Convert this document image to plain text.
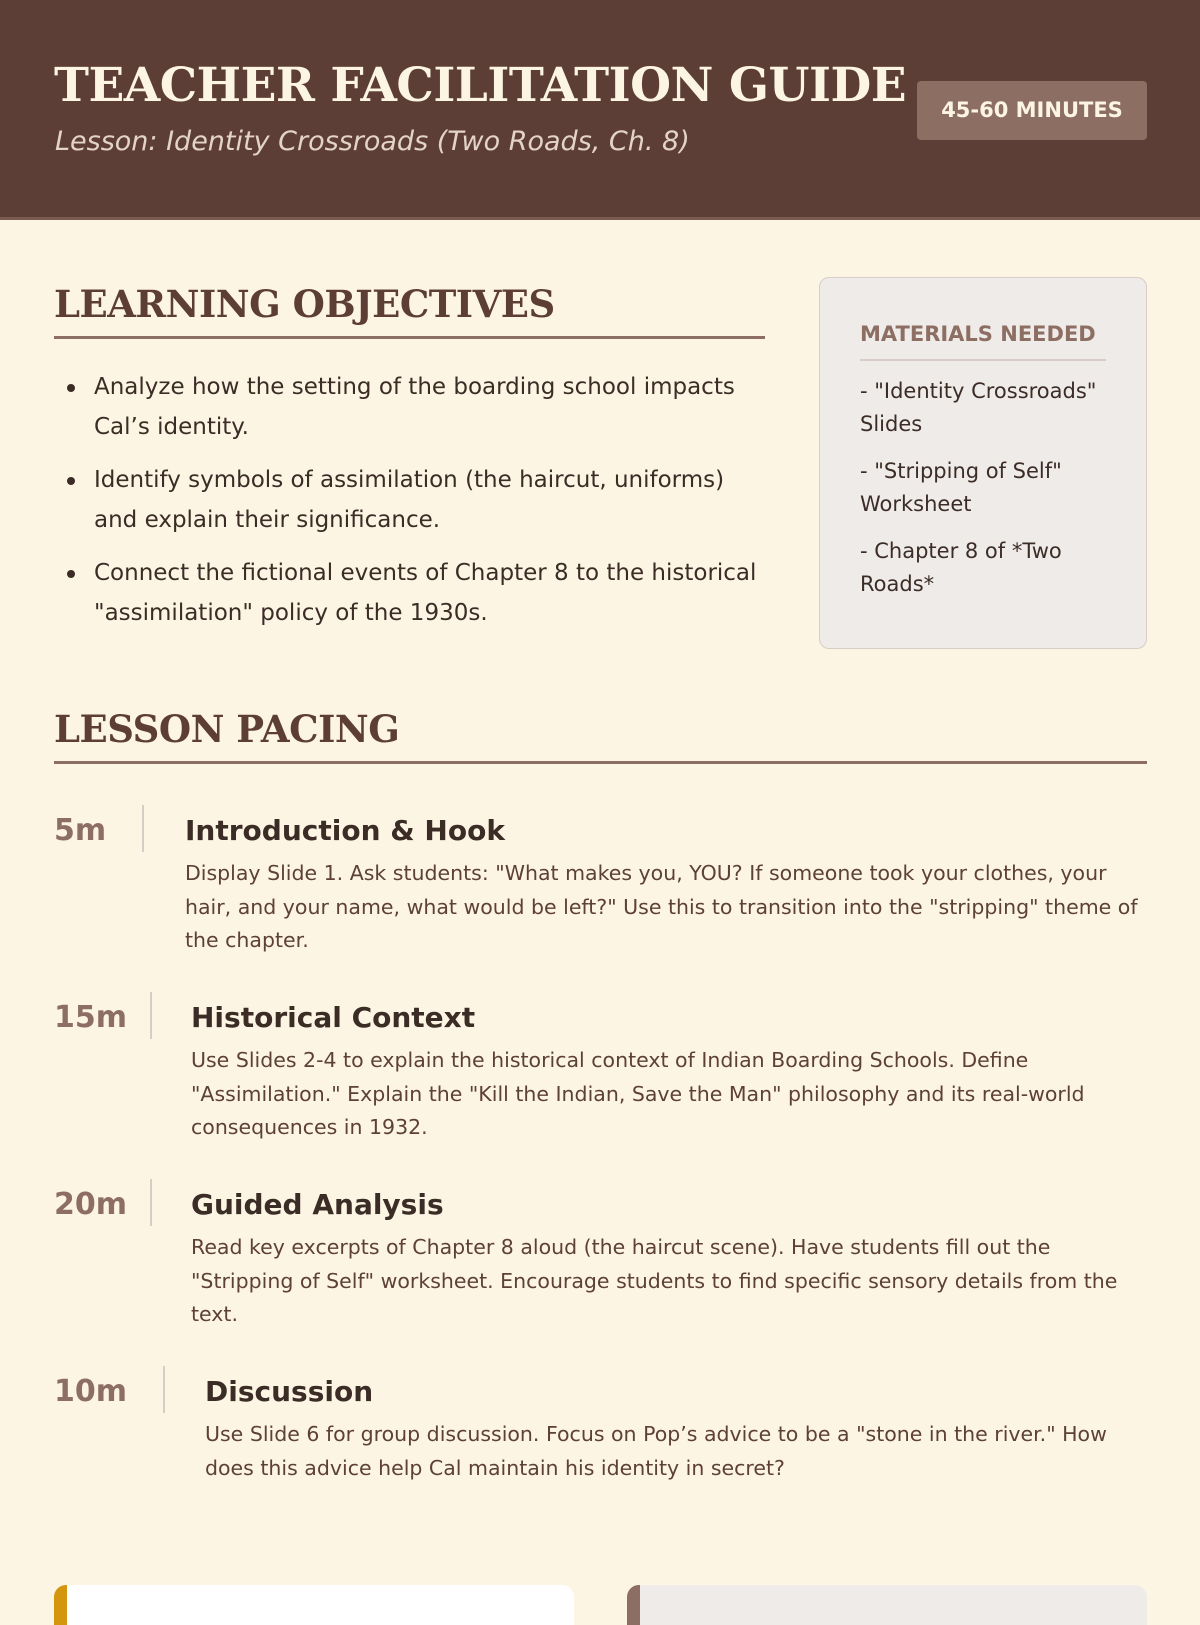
TEACHER FACILITATION GUIDE
Lesson: Identity Crossroads (Two Roads, Ch. 8)
45-60 MINUTES
LEARNING OBJECTIVES
Analyze how the setting of the boarding school impacts Cal’s identity.
Identify symbols of assimilation (the haircut, uniforms) and explain their significance.
Connect the fictional events of Chapter 8 to the historical "assimilation" policy of the 1930s.
MATERIALS NEEDED
- "Identity Crossroads" Slides
- "Stripping of Self" Worksheet
- Chapter 8 of *Two Roads*
LESSON PACING
5m	Introduction & Hook
Display Slide 1. Ask students: "What makes you, YOU? If someone took your clothes, your hair, and your name, what would be left?" Use this to transition into the "stripping" theme of the chapter.
15m Historical Context
Use Slides 2-4 to explain the historical context of Indian Boarding Schools. Define "Assimilation." Explain the "Kill the Indian, Save the Man" philosophy and its real-world consequences in 1932.
20m Guided Analysis
Read key excerpts of Chapter 8 aloud (the haircut scene). Have students fill out the "Stripping of Self" worksheet. Encourage students to find specific sensory details from the text.
10m	Discussion
Use Slide 6 for group discussion. Focus on Pop’s advice to be a "stone in the river." How does this advice help Cal maintain his identity in secret?
